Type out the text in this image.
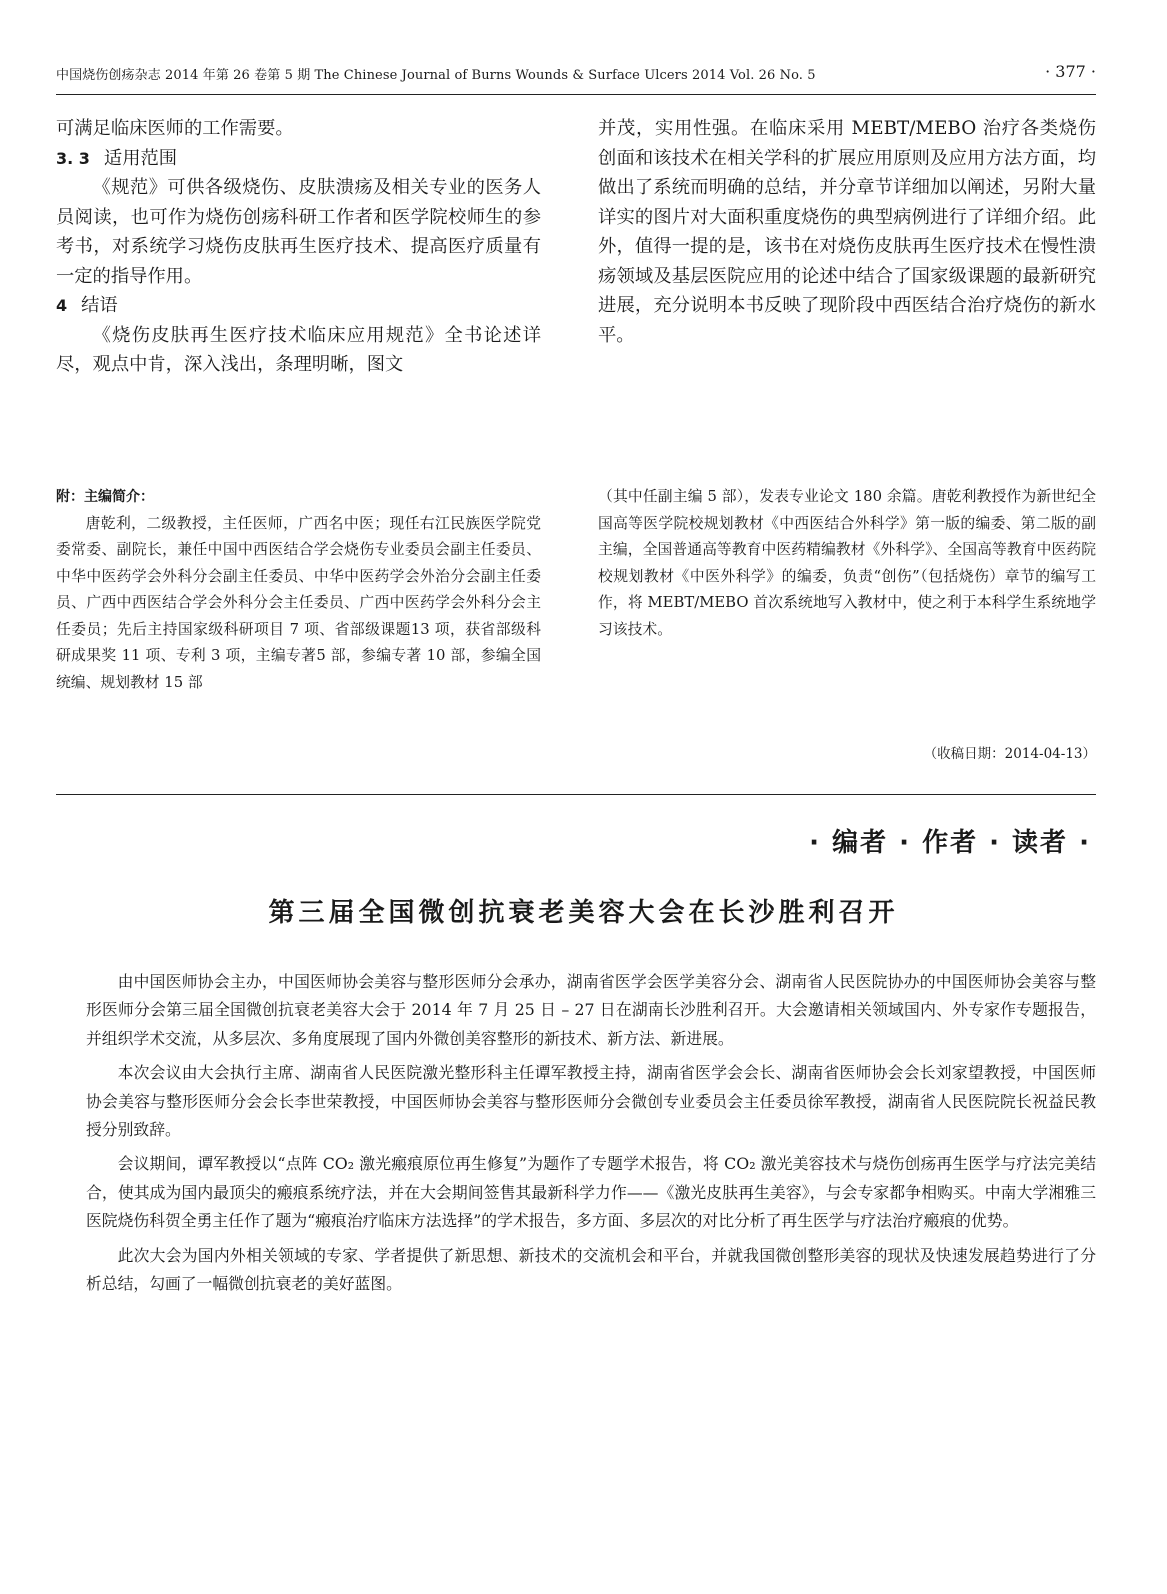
中国烧伤创疡杂志 2014 年第 26 卷第 5 期 The Chinese Journal of Burns Wounds & Surface Ulcers 2014 Vol. 26 No. 5	· 377 ·

可满足临床医师的工作需要。

3. 3 适用范围

《规范》可供各级烧伤、皮肤溃疡及相关专业的医务人员阅读，也可作为烧伤创疡科研工作者和医学院校师生的参考书，对系统学习烧伤皮肤再生医疗技术、提高医疗质量有一定的指导作用。

4 结语

《烧伤皮肤再生医疗技术临床应用规范》全书论述详尽，观点中肯，深入浅出，条理明晰，图文

并茂，实用性强。在临床采用 MEBT/MEBO 治疗各类烧伤创面和该技术在相关学科的扩展应用原则及应用方法方面，均做出了系统而明确的总结，并分章节详细加以阐述，另附大量详实的图片对大面积重度烧伤的典型病例进行了详细介绍。此外，值得一提的是，该书在对烧伤皮肤再生医疗技术在慢性溃疡领域及基层医院应用的论述中结合了国家级课题的最新研究进展，充分说明本书反映了现阶段中西医结合治疗烧伤的新水平。

附：主编简介：

唐乾利，二级教授，主任医师，广西名中医；现任右江民族医学院党委常委、副院长，兼任中国中西医结合学会烧伤专业委员会副主任委员、中华中医药学会外科分会副主任委员、中华中医药学会外治分会副主任委员、广西中西医结合学会外科分会主任委员、广西中医药学会外科分会主任委员；先后主持国家级科研项目 7 项、省部级课题13 项，获省部级科研成果奖 11 项、专利 3 项，主编专著5 部，参编专著 10 部，参编全国统编、规划教材 15 部

（其中任副主编 5 部），发表专业论文 180 余篇。唐乾利教授作为新世纪全国高等医学院校规划教材《中西医结合外科学》第一版的编委、第二版的副主编，全国普通高等教育中医药精编教材《外科学》、全国高等教育中医药院校规划教材《中医外科学》的编委，负责“创伤”（包括烧伤）章节的编写工作，将 MEBT/MEBO 首次系统地写入教材中，使之利于本科学生系统地学习该技术。

（收稿日期：2014-04-13）
· 编者 · 作者 · 读者 ·
第三届全国微创抗衰老美容大会在长沙胜利召开

由中国医师协会主办，中国医师协会美容与整形医师分会承办，湖南省医学会医学美容分会、湖南省人民医院协办的中国医师协会美容与整形医师分会第三届全国微创抗衰老美容大会于 2014 年 7 月 25 日 – 27 日在湖南长沙胜利召开。大会邀请相关领域国内、外专家作专题报告，并组织学术交流，从多层次、多角度展现了国内外微创美容整形的新技术、新方法、新进展。

本次会议由大会执行主席、湖南省人民医院激光整形科主任谭军教授主持，湖南省医学会会长、湖南省医师协会会长刘家望教授，中国医师协会美容与整形医师分会会长李世荣教授，中国医师协会美容与整形医师分会微创专业委员会主任委员徐军教授，湖南省人民医院院长祝益民教授分别致辞。

会议期间，谭军教授以“点阵 CO₂ 激光瘢痕原位再生修复”为题作了专题学术报告，将 CO₂ 激光美容技术与烧伤创疡再生医学与疗法完美结合，使其成为国内最顶尖的瘢痕系统疗法，并在大会期间签售其最新科学力作——《激光皮肤再生美容》，与会专家都争相购买。中南大学湘雅三医院烧伤科贺全勇主任作了题为“瘢痕治疗临床方法选择”的学术报告，多方面、多层次的对比分析了再生医学与疗法治疗瘢痕的优势。

此次大会为国内外相关领域的专家、学者提供了新思想、新技术的交流机会和平台，并就我国微创整形美容的现状及快速发展趋势进行了分析总结，勾画了一幅微创抗衰老的美好蓝图。
